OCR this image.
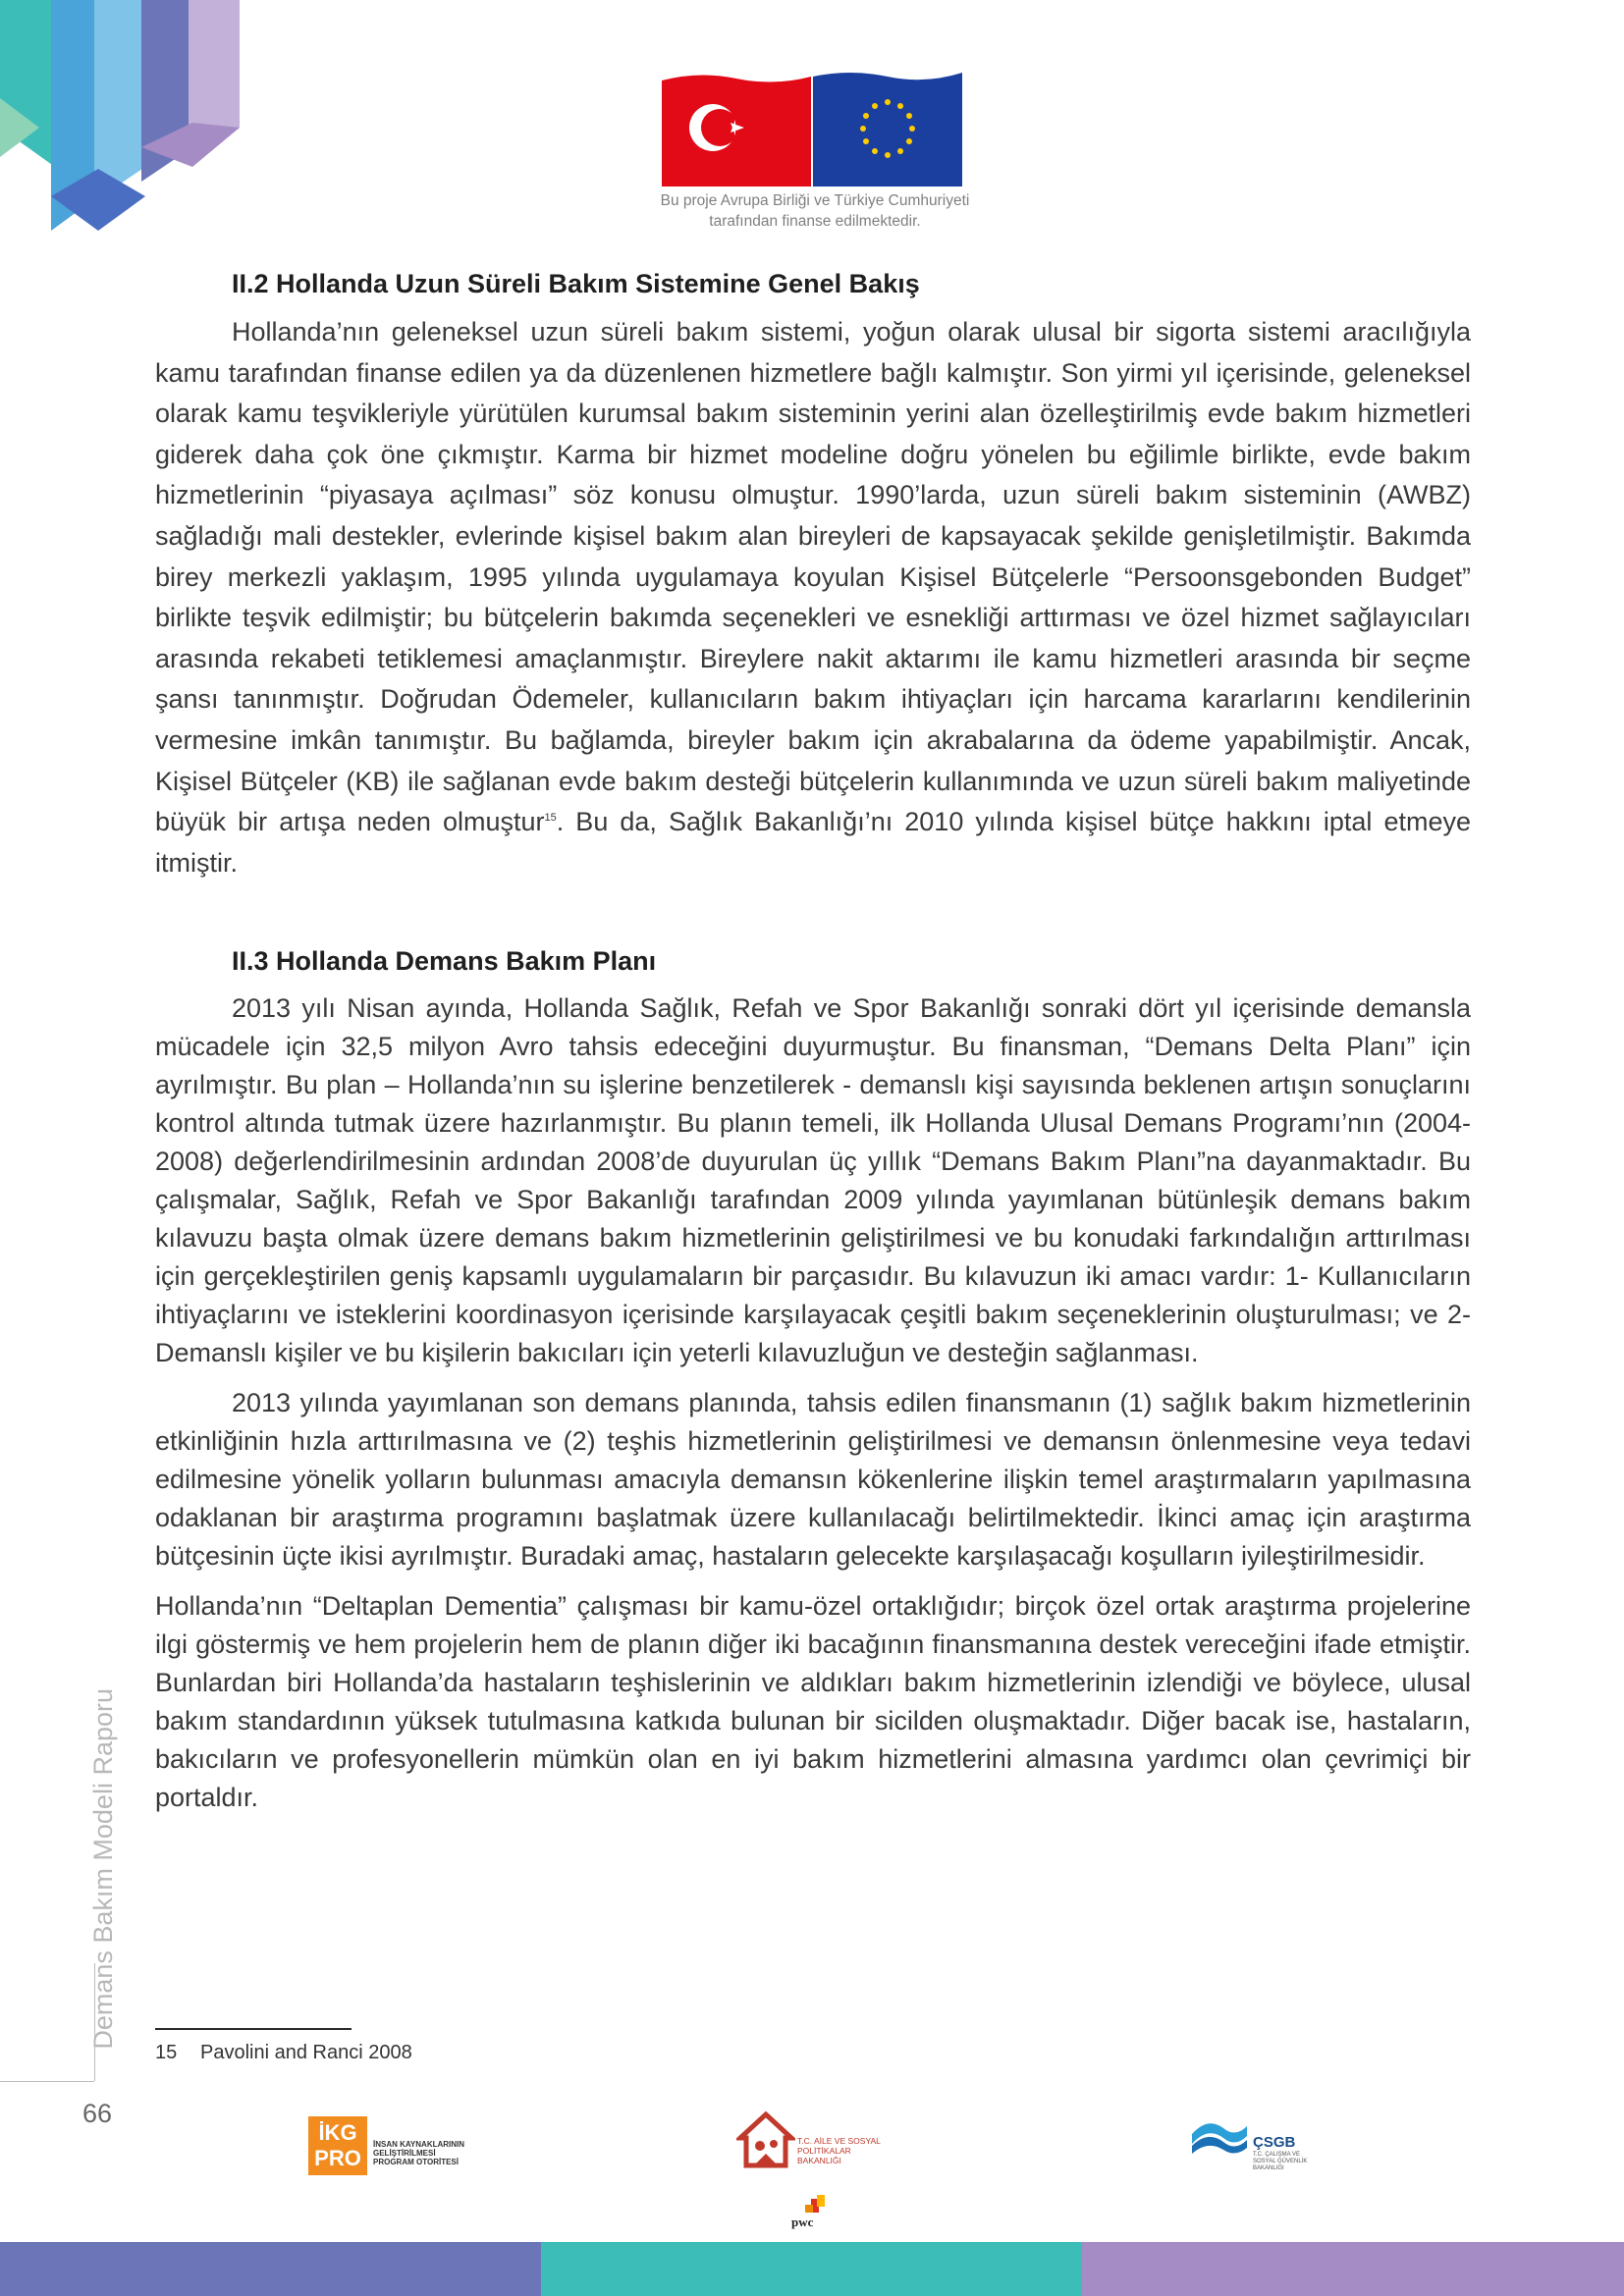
Bu proje Avrupa Birliği ve Türkiye Cumhuriyeti
tarafından finanse edilmektedir.
II.2 Hollanda Uzun Süreli Bakım Sistemine Genel Bakış

Hollanda’nın geleneksel uzun süreli bakım sistemi, yoğun olarak ulusal bir sigorta sistemi aracılığıyla kamu tarafından finanse edilen ya da düzenlenen hizmetlere bağlı kalmıştır. Son yirmi yıl içerisinde, geleneksel olarak kamu teşvikleriyle yürütülen kurumsal bakım sisteminin yerini alan özelleştirilmiş evde bakım hizmetleri giderek daha çok öne çıkmıştır. Karma bir hizmet modeline doğru yönelen bu eğilimle birlikte, evde bakım hizmetlerinin “piyasaya açılması” söz konusu olmuştur. 1990’larda, uzun süreli bakım sisteminin (AWBZ) sağladığı mali destekler, evlerinde kişisel bakım alan bireyleri de kapsayacak şekilde genişletilmiştir. Bakımda birey merkezli yaklaşım, 1995 yılında uygulamaya koyulan Kişisel Bütçelerle “Persoonsgebonden Budget” birlikte teşvik edilmiştir; bu bütçelerin bakımda seçenekleri ve esnekliği arttırması ve özel hizmet sağlayıcıları arasında rekabeti tetiklemesi amaçlanmıştır. Bireylere nakit aktarımı ile kamu hizmetleri arasında bir seçme şansı tanınmıştır. Doğrudan Ödemeler, kullanıcıların bakım ihtiyaçları için harcama kararlarını kendilerinin vermesine imkân tanımıştır. Bu bağlamda, bireyler bakım için akrabalarına da ödeme yapabilmiştir. Ancak, Kişisel Bütçeler (KB) ile sağlanan evde bakım desteği bütçelerin kullanımında ve uzun süreli bakım maliyetinde büyük bir artışa neden olmuştur$^{15}$. Bu da, Sağlık Bakanlığı’nı 2010 yılında kişisel bütçe hakkını iptal etmeye itmiştir.

II.3 Hollanda Demans Bakım Planı

2013 yılı Nisan ayında, Hollanda Sağlık, Refah ve Spor Bakanlığı sonraki dört yıl içerisinde demansla mücadele için 32,5 milyon Avro tahsis edeceğini duyurmuştur. Bu finansman, “Demans Delta Planı” için ayrılmıştır. Bu plan – Hollanda’nın su işlerine benzetilerek - demanslı kişi sayısında beklenen artışın sonuçlarını kontrol altında tutmak üzere hazırlanmıştır. Bu planın temeli, ilk Hollanda Ulusal Demans Programı’nın (2004- 2008) değerlendirilmesinin ardından 2008’de duyurulan üç yıllık “Demans Bakım Planı”na dayanmaktadır. Bu çalışmalar, Sağlık, Refah ve Spor Bakanlığı tarafından 2009 yılında yayımlanan bütünleşik demans bakım kılavuzu başta olmak üzere demans bakım hizmetlerinin geliştirilmesi ve bu konudaki farkındalığın arttırılması için gerçekleştirilen geniş kapsamlı uygulamaların bir parçasıdır. Bu kılavuzun iki amacı vardır: 1- Kullanıcıların ihtiyaçlarını ve isteklerini koordinasyon içerisinde karşılayacak çeşitli bakım seçeneklerinin oluşturulması; ve 2- Demanslı kişiler ve bu kişilerin bakıcıları için yeterli kılavuzluğun ve desteğin sağlanması.

2013 yılında yayımlanan son demans planında, tahsis edilen finansmanın (1) sağlık bakım hizmetlerinin etkinliğinin hızla arttırılmasına ve (2) teşhis hizmetlerinin geliştirilmesi ve demansın önlenmesine veya tedavi edilmesine yönelik yolların bulunması amacıyla demansın kökenlerine ilişkin temel araştırmaların yapılmasına odaklanan bir araştırma programını başlatmak üzere kullanılacağı belirtilmektedir. İkinci amaç için araştırma bütçesinin üçte ikisi ayrılmıştır. Buradaki amaç, hastaların gelecekte karşılaşacağı koşulların iyileştirilmesidir.

Hollanda’nın “Deltaplan Dementia” çalışması bir kamu-özel ortaklığıdır; birçok özel ortak araştırma projelerine ilgi göstermiş ve hem projelerin hem de planın diğer iki bacağının finansmanına destek vereceğini ifade etmiştir. Bunlardan biri Hollanda’da hastaların teşhislerinin ve aldıkları bakım hizmetlerinin izlendiği ve böylece, ulusal bakım standardının yüksek tutulmasına katkıda bulunan bir sicilden oluşmaktadır. Diğer bacak ise, hastaların, bakıcıların ve profesyonellerin mümkün olan en iyi bakım hizmetlerini almasına yardımcı olan çevrimiçi bir portaldır.

15 Pavolini and Ranci 2008
Demans Bakım Modeli Raporu
66
İKG PRO
İNSAN KAYNAKLARININ GELİŞTİRİLMESİ PROGRAM OTORİTESİ
T.C. AİLE VE SOSYAL POLİTİKALAR BAKANLIĞI
ÇSGB
T.C. ÇALIŞMA VE SOSYAL GÜVENLİK BAKANLIĞI
pwc
